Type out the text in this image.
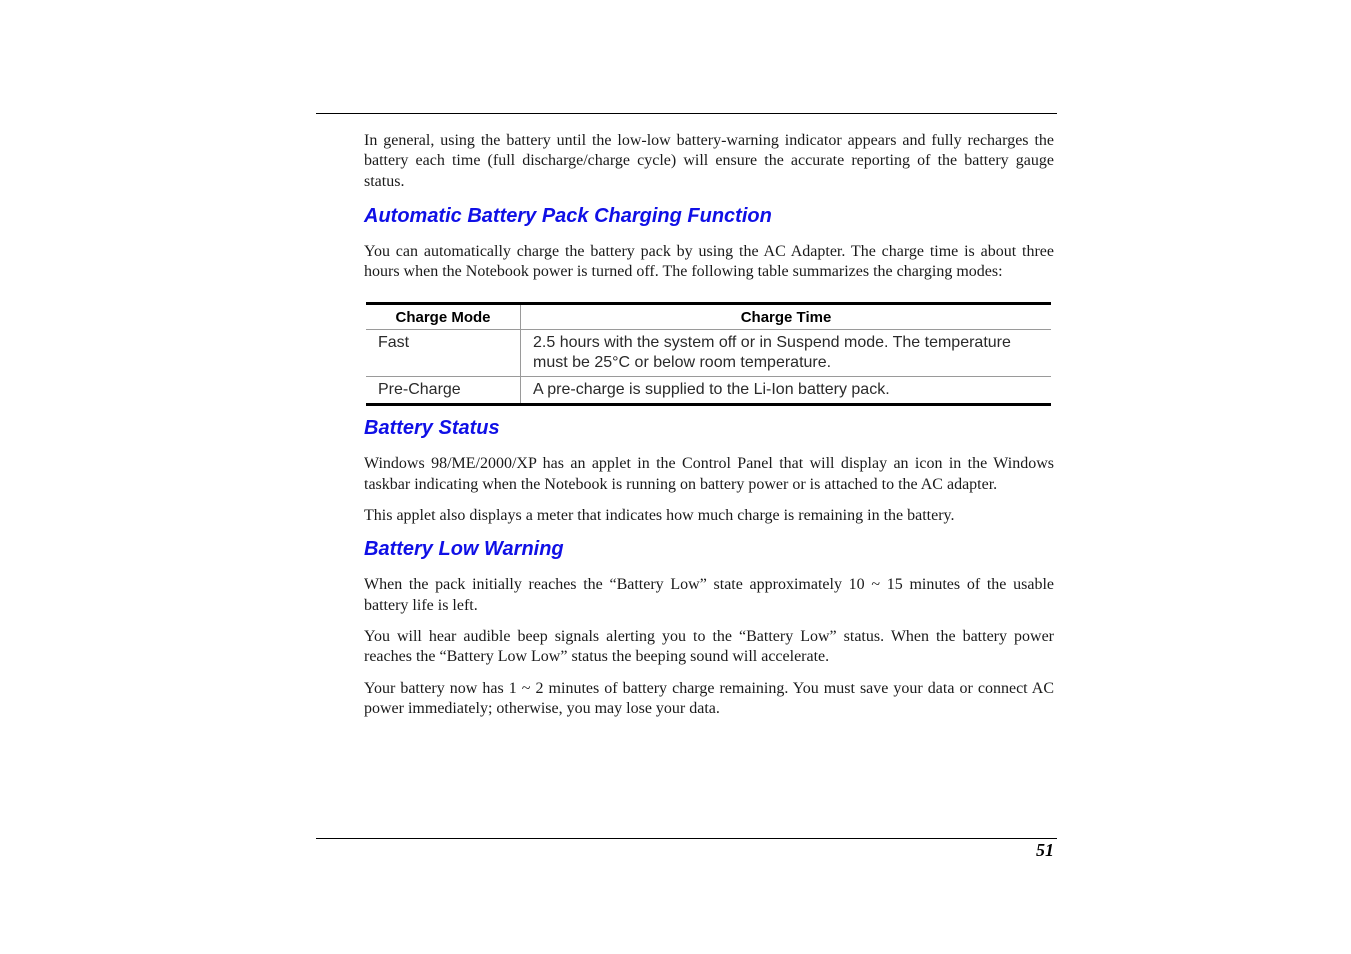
In general, using the battery until the low-low battery-warning indicator appears and fully recharges the battery each time (full discharge/charge cycle) will ensure the accurate reporting of the battery gauge status.

Automatic Battery Pack Charging Function

You can automatically charge the battery pack by using the AC Adapter. The charge time is about three hours when the Notebook power is turned off. The following table summarizes the charging modes:

Charge Mode	Charge Time
Fast	2.5 hours with the system off or in Suspend mode. The temperature must be 25°C or below room temperature.
Pre-Charge	A pre-charge is supplied to the Li-Ion battery pack.
Battery Status

Windows 98/ME/2000/XP has an applet in the Control Panel that will display an icon in the Windows taskbar indicating when the Notebook is running on battery power or is attached to the AC adapter.

This applet also displays a meter that indicates how much charge is remaining in the battery.

Battery Low Warning

When the pack initially reaches the “Battery Low” state approximately 10 ~ 15 minutes of the usable battery life is left.

You will hear audible beep signals alerting you to the “Battery Low” status. When the battery power reaches the “Battery Low Low” status the beeping sound will accelerate.

Your battery now has 1 ~ 2 minutes of battery charge remaining. You must save your data or connect AC power immediately; otherwise, you may lose your data.

51
